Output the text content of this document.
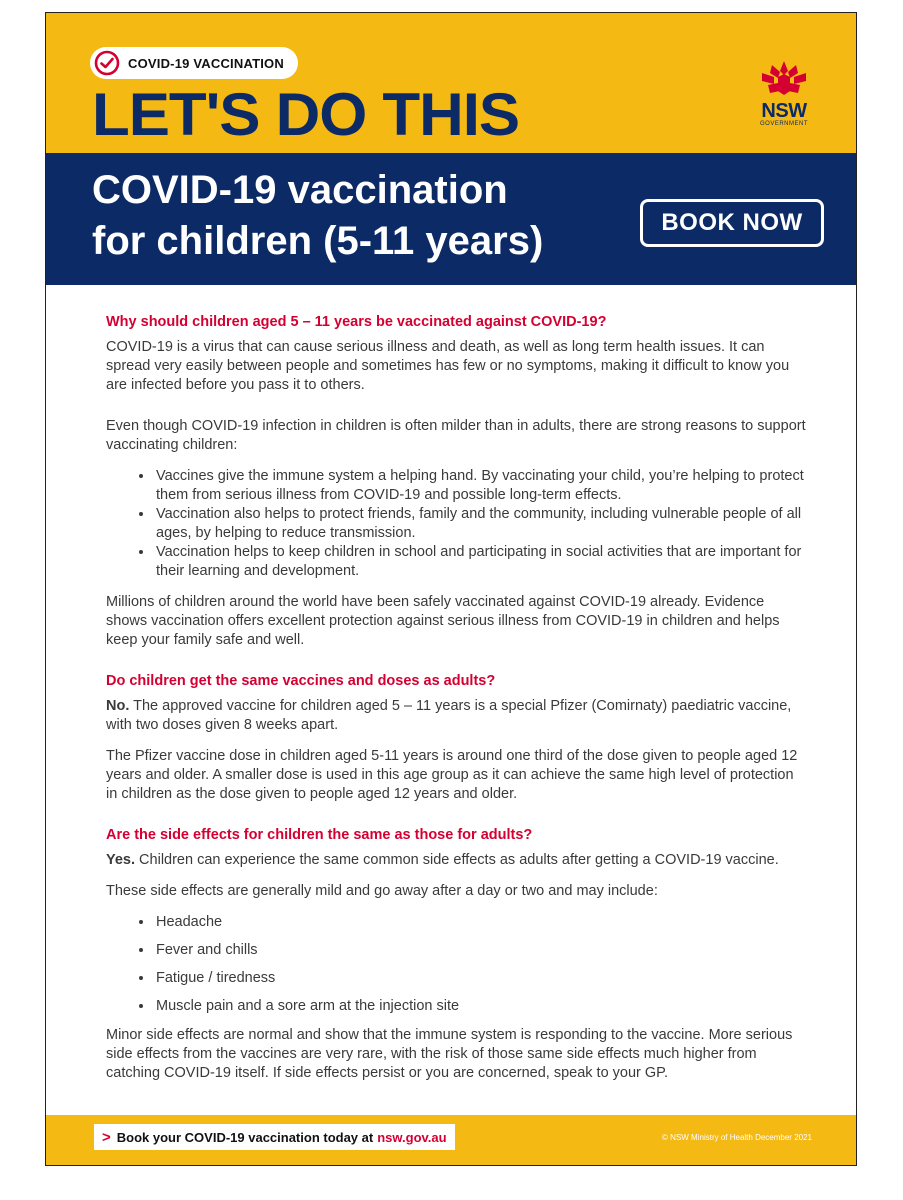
COVID-19 VACCINATION
LET'S DO THIS	NSW
GOVERNMENT
COVID-19 vaccination
for children (5-11 years)	BOOK NOW
Why should children aged 5 – 11 years be vaccinated against COVID-19?

COVID-19 is a virus that can cause serious illness and death, as well as long term health issues. It can spread very easily between people and sometimes has few or no symptoms, making it difficult to know you are infected before you pass it to others.

Even though COVID-19 infection in children is often milder than in adults, there are strong reasons to support vaccinating children:

• Vaccines give the immune system a helping hand. By vaccinating your child, you’re helping to protect them from serious illness from COVID-19 and possible long-term effects.
• Vaccination also helps to protect friends, family and the community, including vulnerable people of all ages, by helping to reduce transmission.
• Vaccination helps to keep children in school and participating in social activities that are important for their learning and development.

Millions of children around the world have been safely vaccinated against COVID-19 already. Evidence shows vaccination offers excellent protection against serious illness from COVID-19 in children and helps keep your family safe and well.

Do children get the same vaccines and doses as adults?

No. The approved vaccine for children aged 5 – 11 years is a special Pfizer (Comirnaty) paediatric vaccine, with two doses given 8 weeks apart.

The Pfizer vaccine dose in children aged 5-11 years is around one third of the dose given to people aged 12 years and older. A smaller dose is used in this age group as it can achieve the same high level of protection in children as the dose given to people aged 12 years and older.

Are the side effects for children the same as those for adults?

Yes. Children can experience the same common side effects as adults after getting a COVID-19 vaccine.

These side effects are generally mild and go away after a day or two and may include:

• Headache
• Fever and chills
• Fatigue / tiredness
• Muscle pain and a sore arm at the injection site

Minor side effects are normal and show that the immune system is responding to the vaccine. More serious side effects from the vaccines are very rare, with the risk of those same side effects much higher from catching COVID-19 itself. If side effects persist or you are concerned, speak to your GP.

> Book your COVID-19 vaccination today at nsw.gov.au	© NSW Ministry of Health December 2021
